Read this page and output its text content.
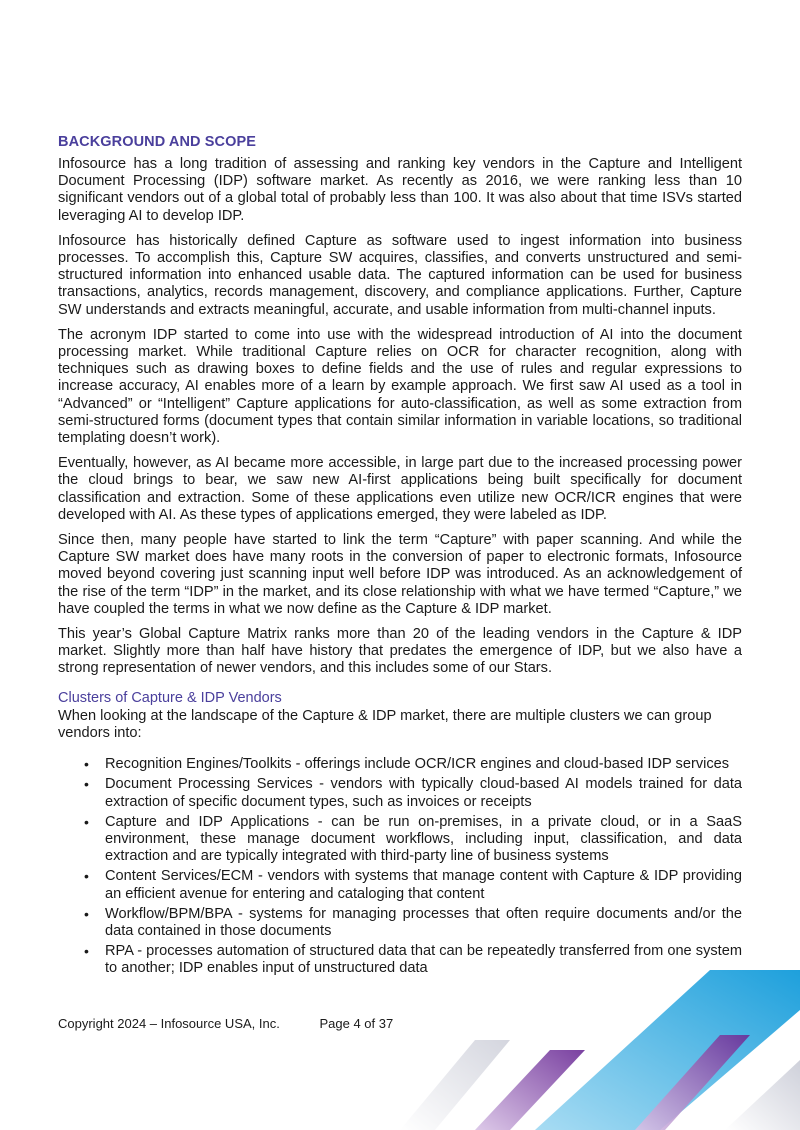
BACKGROUND AND SCOPE

Infosource has a long tradition of assessing and ranking key vendors in the Capture and Intelligent Document Processing (IDP) software market. As recently as 2016, we were ranking less than 10 significant vendors out of a global total of probably less than 100. It was also about that time ISVs started leveraging AI to develop IDP.

Infosource has historically defined Capture as software used to ingest information into business processes. To accomplish this, Capture SW acquires, classifies, and converts unstructured and semi-structured information into enhanced usable data. The captured information can be used for business transactions, analytics, records management, discovery, and compliance applications. Further, Capture SW understands and extracts meaningful, accurate, and usable information from multi-channel inputs.

The acronym IDP started to come into use with the widespread introduction of AI into the document processing market. While traditional Capture relies on OCR for character recognition, along with techniques such as drawing boxes to define fields and the use of rules and regular expressions to increase accuracy, AI enables more of a learn by example approach. We first saw AI used as a tool in “Advanced” or “Intelligent” Capture applications for auto-classification, as well as some extraction from semi-structured forms (document types that contain similar information in variable locations, so traditional templating doesn’t work).

Eventually, however, as AI became more accessible, in large part due to the increased processing power the cloud brings to bear, we saw new AI-first applications being built specifically for document classification and extraction. Some of these applications even utilize new OCR/ICR engines that were developed with AI. As these types of applications emerged, they were labeled as IDP.

Since then, many people have started to link the term “Capture” with paper scanning. And while the Capture SW market does have many roots in the conversion of paper to electronic formats, Infosource moved beyond covering just scanning input well before IDP was introduced. As an acknowledgement of the rise of the term “IDP” in the market, and its close relationship with what we have termed “Capture,” we have coupled the terms in what we now define as the Capture & IDP market.

This year’s Global Capture Matrix ranks more than 20 of the leading vendors in the Capture & IDP market. Slightly more than half have history that predates the emergence of IDP, but we also have a strong representation of newer vendors, and this includes some of our Stars.

Clusters of Capture & IDP Vendors

When looking at the landscape of the Capture & IDP market, there are multiple clusters we can group vendors into:

• Recognition Engines/Toolkits - offerings include OCR/ICR engines and cloud-based IDP services
• Document Processing Services - vendors with typically cloud-based AI models trained for data extraction of specific document types, such as invoices or receipts
• Capture and IDP Applications - can be run on-premises, in a private cloud, or in a SaaS environment, these manage document workflows, including input, classification, and data extraction and are typically integrated with third-party line of business systems
• Content Services/ECM - vendors with systems that manage content with Capture & IDP providing an efficient avenue for entering and cataloging that content
• Workflow/BPM/BPA - systems for managing processes that often require documents and/or the data contained in those documents
• RPA - processes automation of structured data that can be repeatedly transferred from one system to another; IDP enables input of unstructured data
Copyright 2024 – Infosource USA, Inc.	Page 4 of 37
